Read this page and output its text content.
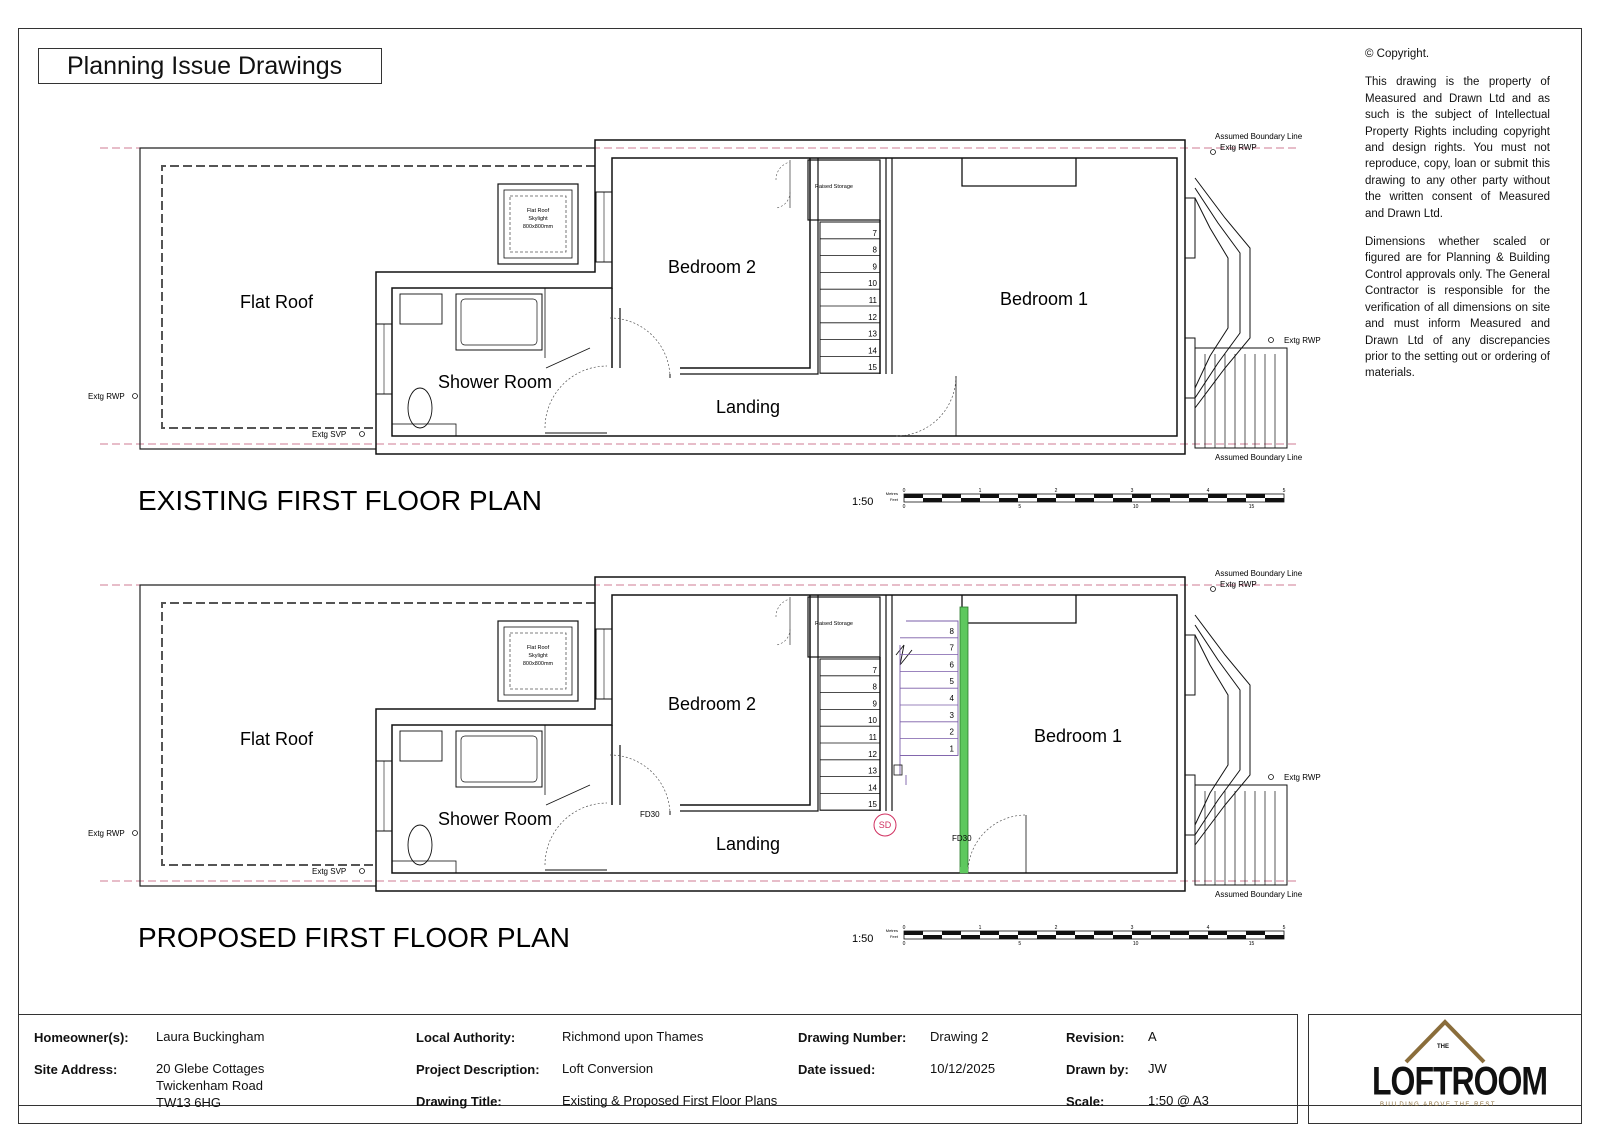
Planning Issue Drawings	© Copyright.

This drawing is the property of Measured and Drawn Ltd and as such is the subject of Intellectual Property Rights including copyright and design rights. You must not reproduce, copy, loan or submit this drawing to any other party without the written consent of Measured and Drawn Ltd.

Dimensions whether scaled or figured are for Planning & Building Control approvals only. The General Contractor is responsible for the verification of all dimensions on site and must inform Measured and Drawn Ltd of any discrepancies prior to the setting out or ordering of materials.

7
8
9
10
11
12
13
14
15
Flat Roof
Shower Room
Bedroom 2
Bedroom 1
Landing
Raised Storage
Flat Roof
Skylight
800x800mm
Assumed Boundary Line
Extg RWP
Assumed Boundary Line
Extg RWP
Extg RWP
Extg SVP
EXISTING FIRST FLOOR PLAN	1:50
Metres
Feet
0	1	2	3	4	5
0	5	10	15
7
8
9
10
11
12
13
14
15
8
7
6
5
4
3
2
1
Flat Roof
Shower Room
Bedroom 2
Bedroom 1
Landing
Raised Storage
Flat Roof
Skylight
800x800mm
Assumed Boundary Line
Extg RWP
Assumed Boundary Line
Extg RWP
Extg RWP
Extg SVP
FD30
FD30
SD
PROPOSED FIRST FLOOR PLAN	1:50
Metres
Feet
0	1	2	3	4	5
0	5	10	15
Homeowner(s): Laura Buckingham
Site Address:	20 Glebe Cottages
Twickenham Road
TW13 6HG
Local Authority:	Richmond upon Thames
Project Description: Loft Conversion
Drawing Title:	Existing & Proposed First Floor Plans
Drawing Number: Drawing 2
Date issued:	10/12/2025
Revision: A
Drawn by: JW
Scale:	1:50 @ A3
THE
LOFTROOM
BUILDING ABOVE THE REST
